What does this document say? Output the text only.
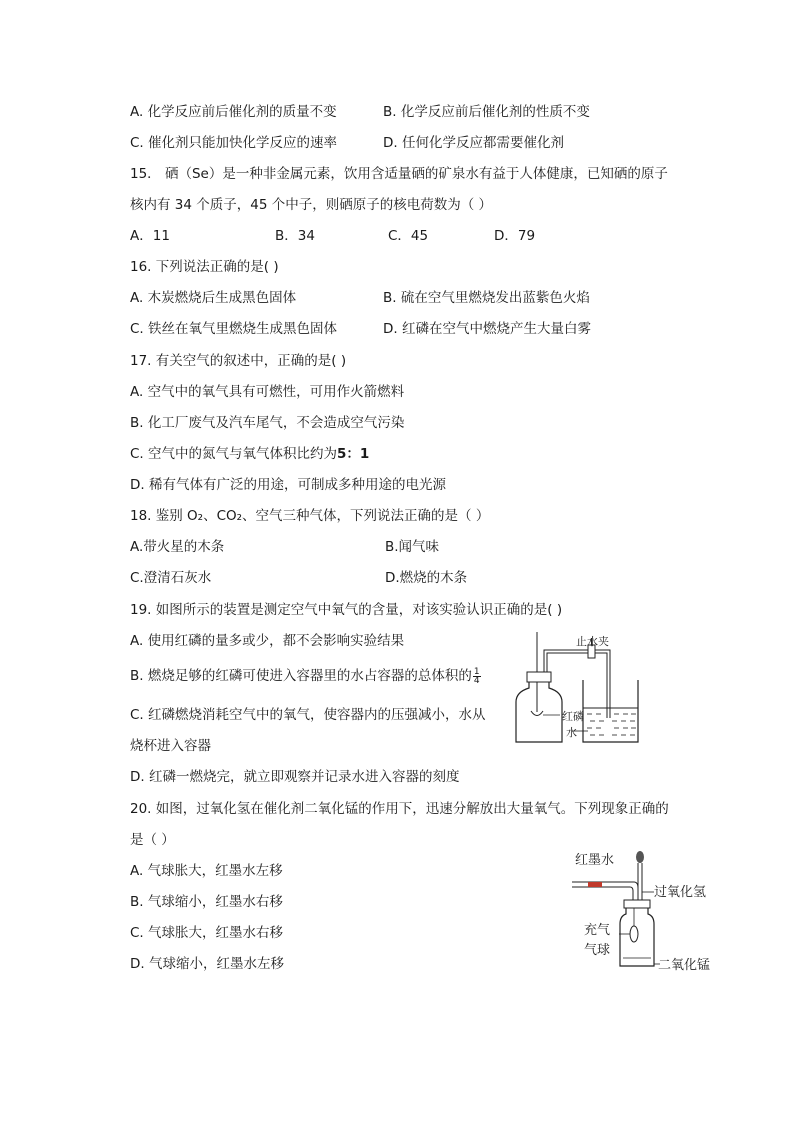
A. 化学反应前后催化剂的质量不变	B. 化学反应前后催化剂的性质不变
C. 催化剂只能加快化学反应的速率	D. 任何化学反应都需要催化剂
15． 硒（Se）是一种非金属元素，饮用含适量硒的矿泉水有益于人体健康，已知硒的原子
核内有 34 个质子，45 个中子，则硒原子的核电荷数为（ ）
A．11	B．34	C．45	D．79
16. 下列说法正确的是( )
A. 木炭燃烧后生成黑色固体	B. 硫在空气里燃烧发出蓝紫色火焰
C. 铁丝在氧气里燃烧生成黑色固体	D. 红磷在空气中燃烧产生大量白雾
17. 有关空气的叙述中，正确的是( )
A. 空气中的氧气具有可燃性，可用作火箭燃料
B. 化工厂废气及汽车尾气，不会造成空气污染
C. 空气中的氮气与氧气体积比约为5：1
D. 稀有气体有广泛的用途，可制成多种用途的电光源
18. 鉴别 O₂、CO₂、空气三种气体，下列说法正确的是（ ）
A.带火星的木条	B.闻气味
C.澄清石灰水	D.燃烧的木条
19. 如图所示的装置是测定空气中氧气的含量，对该实验认识正确的是( )
A. 使用红磷的量多或少，都不会影响实验结果
B. 燃烧足够的红磷可使进入容器里的水占容器的总体积的 $\frac{1}{4}$
C. 红磷燃烧消耗空气中的氧气，使容器内的压强减小，水从
烧杯进入容器
D. 红磷一燃烧完，就立即观察并记录水进入容器的刻度
止水夹
红磷
水
20. 如图，过氧化氢在催化剂二氧化锰的作用下，迅速分解放出大量氧气。下列现象正确的
是（ ）
A. 气球胀大，红墨水左移
B. 气球缩小，红墨水右移
C. 气球胀大，红墨水右移
D. 气球缩小，红墨水左移
红墨水
过氧化氢
充气
气球
二氧化锰
